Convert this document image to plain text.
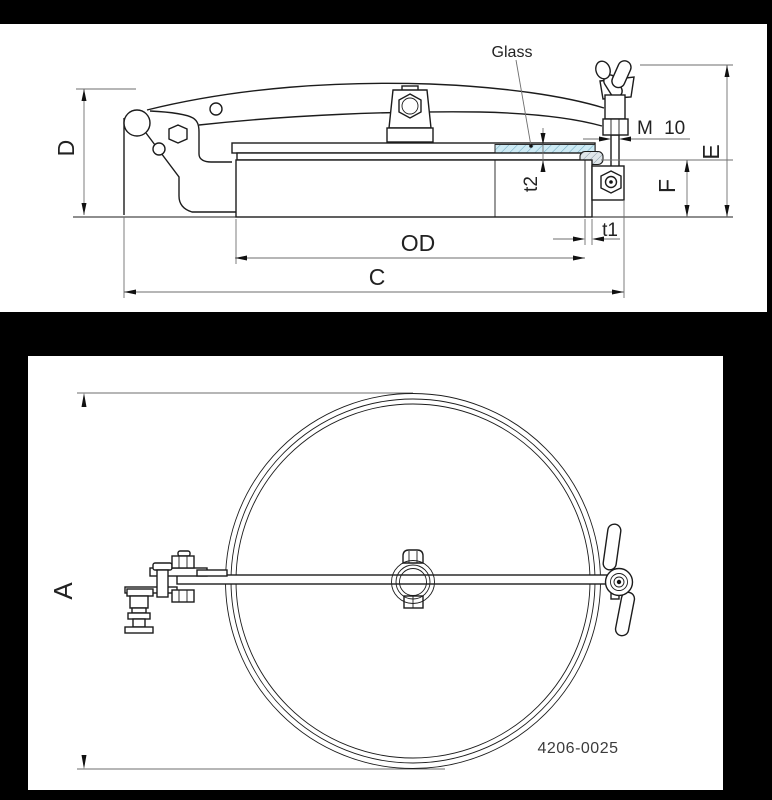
D	E
F
M 10
t2
Glass
t1
OD
C
A
4206-0025
